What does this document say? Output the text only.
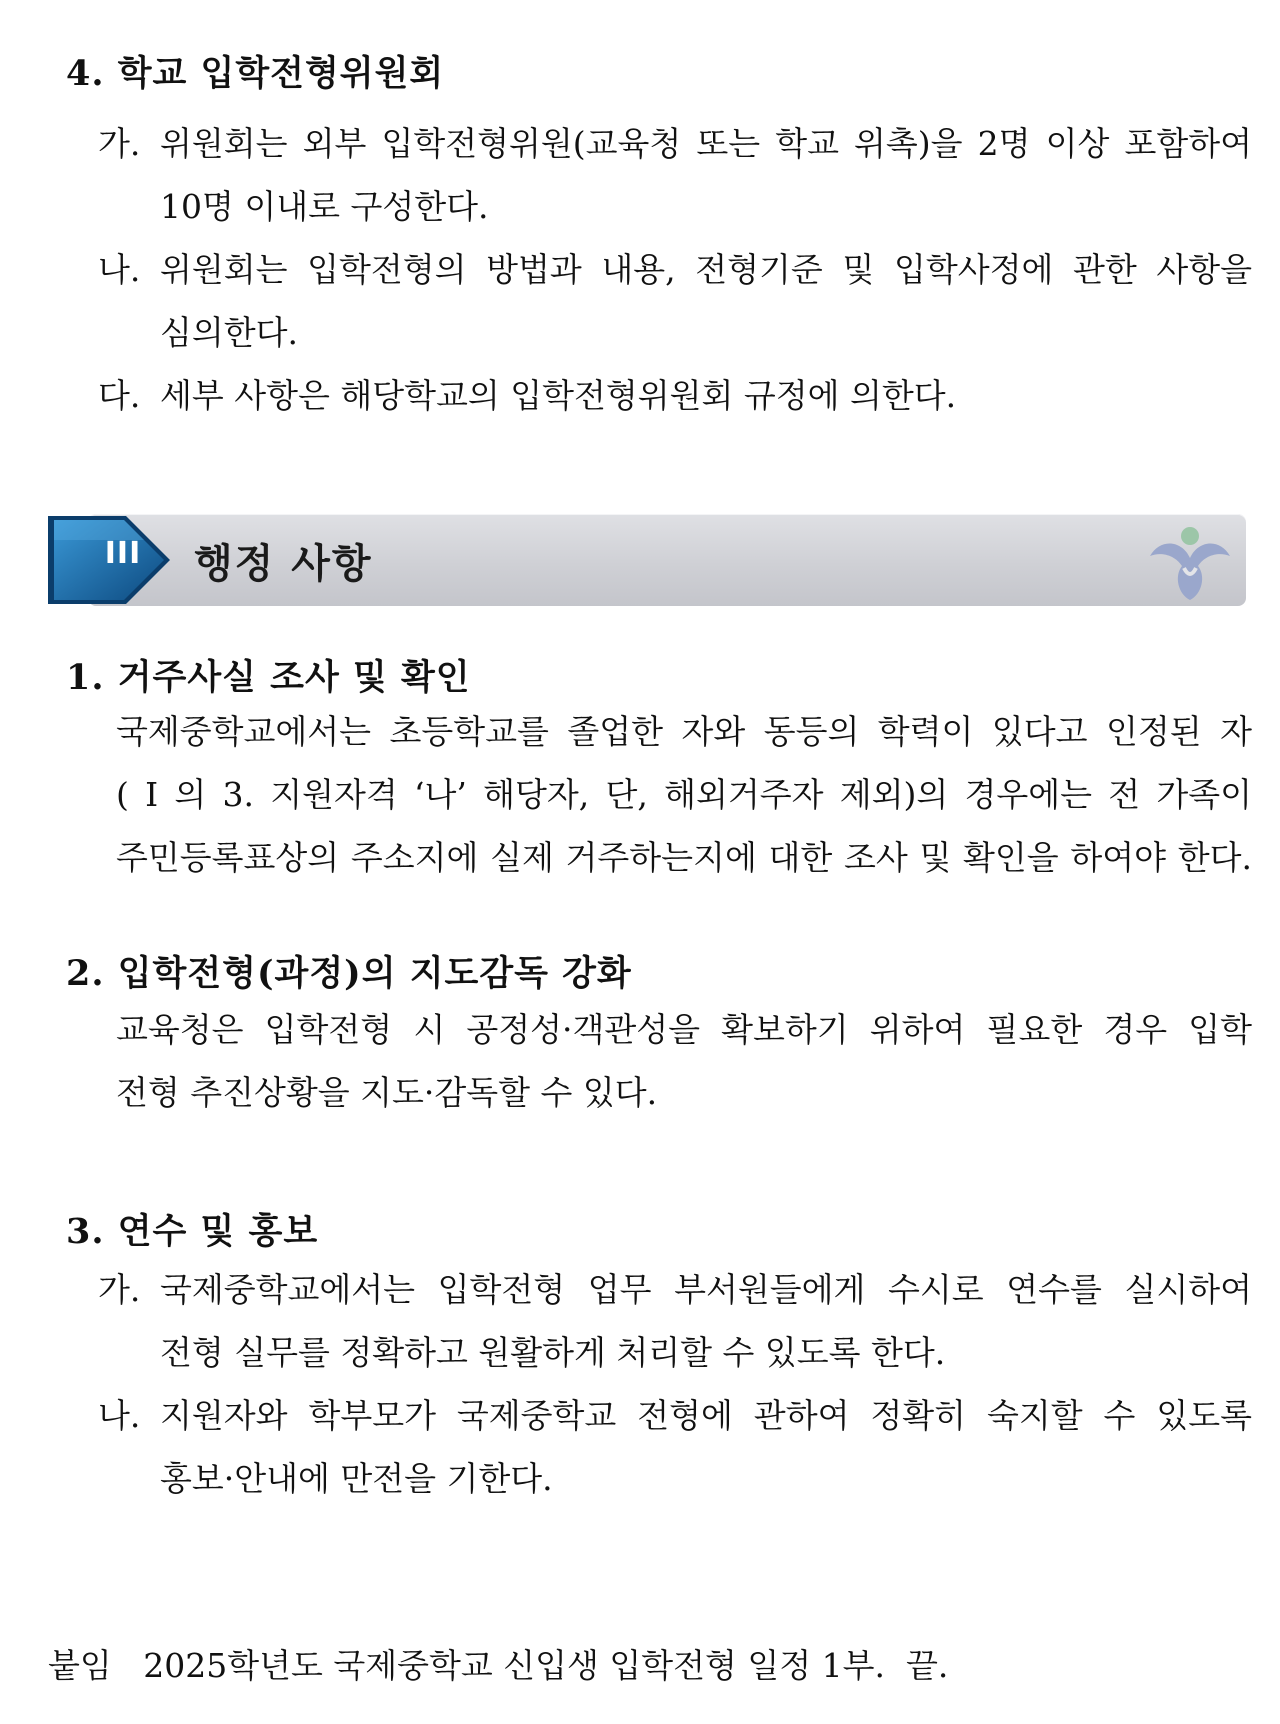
4. 학교 입학전형위원회
가. 위원회는 외부 입학전형위원(교육청 또는 학교 위촉)을 2명 이상 포함하여
10명 이내로 구성한다.
나. 위원회는 입학전형의 방법과 내용, 전형기준 및 입학사정에 관한 사항을
심의한다.
다. 세부 사항은 해당학교의 입학전형위원회 규정에 의한다.
III	행정 사항
1. 거주사실 조사 및 확인
국제중학교에서는 초등학교를 졸업한 자와 동등의 학력이 있다고 인정된 자
( I 의 3. 지원자격 ‘나’ 해당자, 단, 해외거주자 제외)의 경우에는 전 가족이
주민등록표상의 주소지에 실제 거주하는지에 대한 조사 및 확인을 하여야 한다.
2. 입학전형(과정)의 지도감독 강화
교육청은 입학전형 시 공정성·객관성을 확보하기 위하여 필요한 경우 입학
전형 추진상황을 지도·감독할 수 있다.
3. 연수 및 홍보
가. 국제중학교에서는 입학전형 업무 부서원들에게 수시로 연수를 실시하여
전형 실무를 정확하고 원활하게 처리할 수 있도록 한다.
나. 지원자와 학부모가 국제중학교 전형에 관하여 정확히 숙지할 수 있도록
홍보·안내에 만전을 기한다.
붙임 2025학년도 국제중학교 신입생 입학전형 일정 1부. 끝.
